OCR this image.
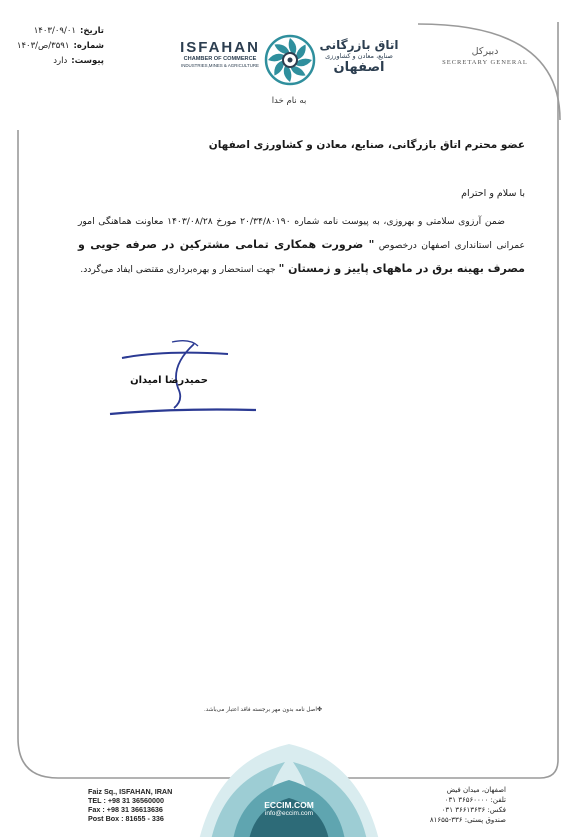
تاریخ:۱۴۰۳/۰۹/۰۱
شماره:۳۵۹۱/ص/۱۴۰۳
پیوست:دارد
ISFAHAN
CHAMBER OF COMMERCE
INDUSTRIES,MINES & AGRICULTURE
اتاق بازرگانی
صنایع، معادن و کشاورزی
اصفهان
دبیرکل
SECRETARY GENERAL
به نام خدا
عضو محترم اتاق بازرگانی، صنایع، معادن و کشاورزی اصفهان
با سلام و احترام
ضمن آرزوی سلامتی و بهروزی، به پیوست نامه شماره ۲۰/۳۴/۸۰۱۹۰ مورخ ۱۴۰۳/۰۸/۲۸ معاونت هماهنگی امور عمرانی استانداری اصفهان درخصوص " ضرورت همکاری تمامی مشترکین در صرفه جویی و مصرف بهینه برق در ماههای پاییز و زمستان " جهت استحضار و بهره‌برداری مقتضی ایفاد می‌گردد.
حمیدرضا امیدان
✤اصل نامه بدون مهر برجسته فاقد اعتبار می‌باشد.
ECCIM.COM
info@eccim.com
Faiz Sq., ISFAHAN, IRAN
TEL : +98 31 36560000
Fax : +98 31 36613636
Post Box : 81655 - 336
اصفهان، میدان فیض
تلفن: ۳۶۵۶۰۰۰۰ ۰۳۱
فکس: ۳۶۶۱۳۶۳۶ ۰۳۱
صندوق پستی: ۳۳۶-۸۱۶۵۵
